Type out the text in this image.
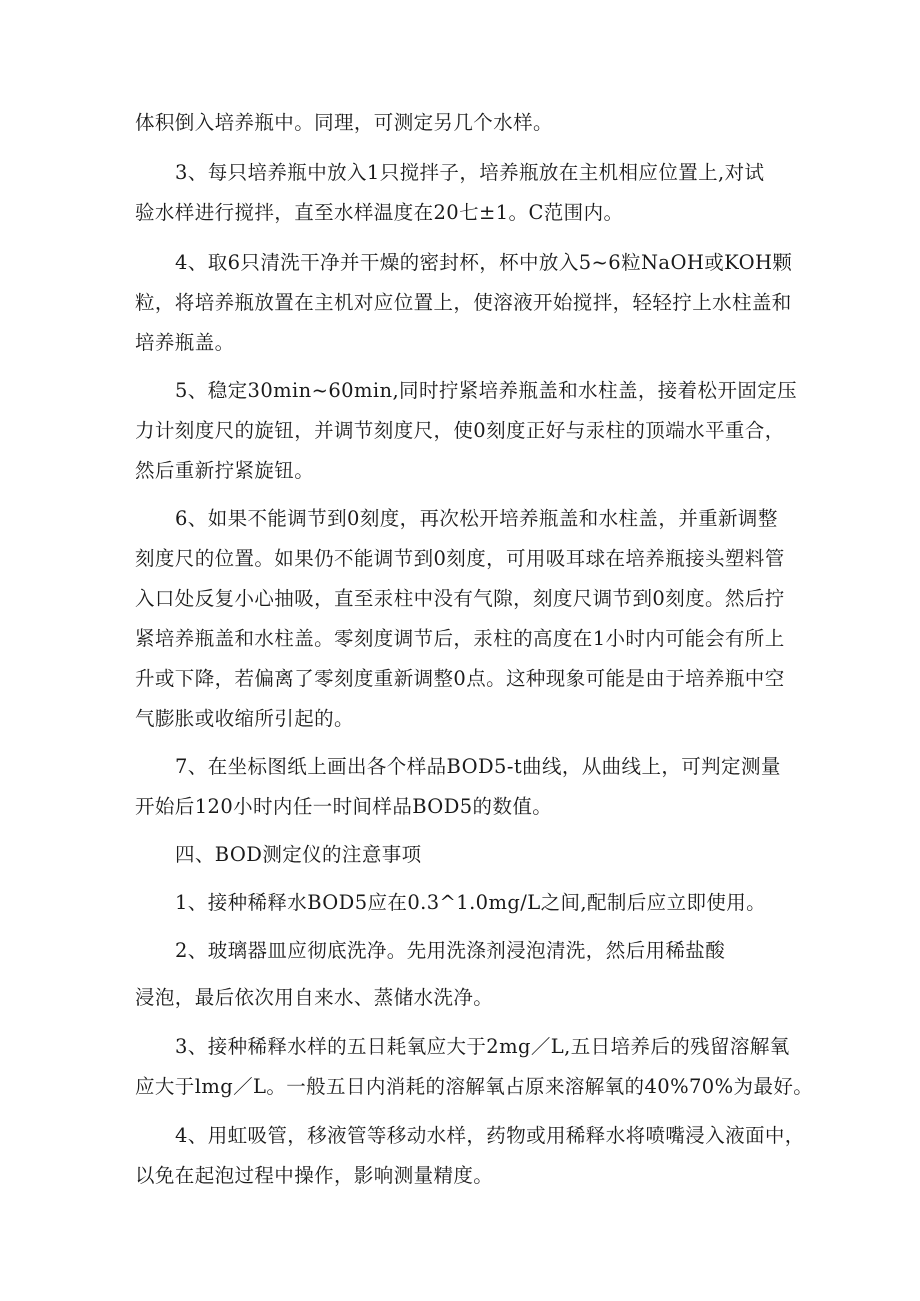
体积倒入培养瓶中。同理，可测定另几个水样。
3、每只培养瓶中放入1只搅拌子，培养瓶放在主机相应位置上,对试
验水样进行搅拌，直至水样温度在20七±1。C范围内。
4、取6只清洗干净并干燥的密封杯，杯中放入5~6粒NaOH或KOH颗
粒，将培养瓶放置在主机对应位置上，使溶液开始搅拌，轻轻拧上水柱盖和
培养瓶盖。
5、稳定30min~60min,同时拧紧培养瓶盖和水柱盖，接着松开固定压
力计刻度尺的旋钮，并调节刻度尺，使0刻度正好与汞柱的顶端水平重合，
然后重新拧紧旋钮。
6、如果不能调节到0刻度，再次松开培养瓶盖和水柱盖，并重新调整
刻度尺的位置。如果仍不能调节到0刻度，可用吸耳球在培养瓶接头塑料管
入口处反复小心抽吸，直至汞柱中没有气隙，刻度尺调节到0刻度。然后拧
紧培养瓶盖和水柱盖。零刻度调节后，汞柱的高度在1小时内可能会有所上
升或下降，若偏离了零刻度重新调整0点。这种现象可能是由于培养瓶中空
气膨胀或收缩所引起的。
7、在坐标图纸上画出各个样品BOD5-t曲线，从曲线上，可判定测量
开始后120小时内任一时间样品BOD5的数值。
四、BOD测定仪的注意事项
1、接种稀释水BOD5应在0.3^1.0mg/L之间,配制后应立即使用。
2、玻璃器皿应彻底洗净。先用洗涤剂浸泡清洗，然后用稀盐酸
浸泡，最后依次用自来水、蒸储水洗净。
3、接种稀释水样的五日耗氧应大于2mg／L,五日培养后的残留溶解氧
应大于lmg／L。一般五日内消耗的溶解氧占原来溶解氧的40%70%为最好。
4、用虹吸管，移液管等移动水样，药物或用稀释水将喷嘴浸入液面中，
以免在起泡过程中操作，影响测量精度。
